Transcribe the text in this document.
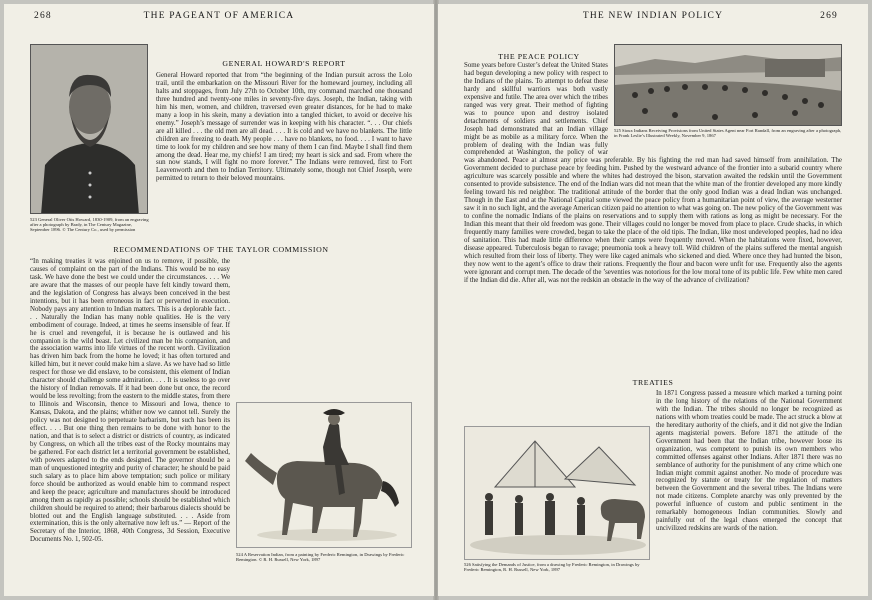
268	THE PAGEANT OF AMERICA
523 General Oliver Otis Howard, 1830-1909, from an engraving after a photograph by Brady, in The Century Magazine, September 1896. © The Century Co., used by permission
GENERAL HOWARD'S REPORT

General Howard reported that from “the beginning of the Indian pursuit across the Lolo trail, until the embarkation on the Missouri River for the homeward journey, including all halts and stoppages, from July 27th to October 10th, my command marched one thousand three hundred and twenty-one miles in seventy-five days. Joseph, the Indian, taking with him his men, women, and children, traversed even greater distances, for he had to make many a loop in his skein, many a deviation into a tangled thicket, to avoid or deceive his enemy.” Joseph’s message of surrender was in keeping with his character. “. . . Our chiefs are all killed . . . the old men are all dead. . . . It is cold and we have no blankets. The little children are freezing to death. My people . . . have no blankets, no food. . . . I want to have time to look for my children and see how many of them I can find. Maybe I shall find them among the dead. Hear me, my chiefs! I am tired; my heart is sick and sad. From where the sun now stands, I will fight no more forever.” The Indians were removed, first to Fort Leavenworth and then to Indian Territory. Ultimately some, though not Chief Joseph, were permitted to return to their beloved mountains.

RECOMMENDATIONS OF THE TAYLOR COMMISSION

“In making treaties it was enjoined on us to remove, if possible, the causes of complaint on the part of the Indians. This would be no easy task. We have done the best we could under the circumstances. . . . We are aware that the masses of our people have felt kindly toward them, and the legislation of Congress has always been conceived in the best intentions, but it has been erroneous in fact or perverted in execution. Nobody pays any attention to Indian matters. This is a deplorable fact. . . . Naturally the Indian has many noble qualities. He is the very embodiment of courage. Indeed, at times he seems insensible of fear. If he is cruel and revengeful, it is because he is outlawed and his companion is the wild beast. Let civilized man be his companion, and the association warms into life virtues of the recent worth. Civilization has driven him back from the home he loved; it has often tortured and killed him, but it never could make him a slave. As we have had so little respect for those we did enslave, to be consistent, this element of Indian character should challenge some admiration. . . . It is useless to go over the history of Indian removals. If it had been done but once, the record would be less revolting; from the eastern to the middle states, from there to Illinois and Wisconsin, thence to Missouri and Iowa, thence to Kansas, Dakota, and the plains; whither now we cannot tell. Surely the policy was not designed to perpetuate barbarism, but such has been its effect. . . . But one thing then remains to be done with honor to the nation, and that is to select a district or districts of country, as indicated by Congress, on which all the tribes east of the Rocky mountains may be gathered. For each district let a territorial government be established, with powers adapted to the ends designed. The governor should be a man of unquestioned integrity and purity of character; he should be paid such salary as to place him above temptation; such police or military force should be authorized as would enable him to command respect and keep the peace; agriculture and manufactures should be introduced among them as rapidly as possible; schools should be established which children should be required to attend; their barbarous dialects should be blotted out and the English language substituted. . . . Aside from extermination, this is the only alternative now left us.” — Report of the Secretary of the Interior, 1868, 40th Congress, 3d Session, Executive Documents No. 1, 502-05.

524 A Reservation Indian, from a painting by Frederic Remington, in Drawings by Frederic Remington. © R. H. Russell, New York, 1897
THE NEW INDIAN POLICY	269
THE PEACE POLICY

Some years before Custer’s defeat the United States had begun developing a new policy with respect to the Indians of the plains. To attempt to defeat these hardy and skillful warriors was both vastly expensive and futile. The area over which the tribes ranged was very great. Their method of fighting was to pounce upon and destroy isolated detachments of soldiers and settlements. Chief Joseph had demonstrated that an Indian village might be as mobile as a military force. When the problem of dealing with the Indian was fully comprehended at Washington, the policy of war was abandoned. Peace at almost any price was preferable. By his fighting the red man had saved himself from annihilation. The Government decided to purchase peace by feeding him. Pushed by the westward advance of the frontier into a subarid country where agriculture was scarcely possible and where the whites had destroyed the bison, starvation awaited the redskin until the Government consented to provide subsistence. The end of the Indian wars did not mean that the white man of the frontier developed any more kindly feeling toward his red neighbor. The traditional attitude of the border that the only good Indian was a dead Indian was unchanged. Though in the East and at the National Capital some viewed the peace policy from a humanitarian point of view, the average westerner saw it in no such light, and the average American citizen paid no attention to what was going on. The new policy of the Government was to confine the nomadic Indians of the plains on reservations and to supply them with rations as long as might be necessary. For the Indian this meant that their old freedom was gone. Their villages could no longer be moved from place to place. Crude shacks, in which frequently many families were crowded, began to take the place of the old tipis. The Indian, like most undeveloped peoples, had no idea of sanitation. This had made little difference when their camps were frequently moved. When the habitations were fixed, however, disease appeared. Tuberculosis began to ravage; pneumonia took a heavy toll. Wild children of the plains suffered the mental anguish which resulted from their loss of liberty. They were like caged animals who sickened and died. Where once they had hunted the bison, they now went to the agent’s office to draw their rations. Frequently the flour and bacon were unfit for use. Frequently also the agents were ignorant and corrupt men. The decade of the ’seventies was notorious for the low moral tone of its public life. Few white men cared if the Indian did die. After all, was not the redskin an obstacle in the way of the advance of civilization?

525 Sioux Indians Receiving Provisions from United States Agent near Fort Randall, from an engraving after a photograph, in Frank Leslie’s Illustrated Weekly, November 9, 1867
TREATIES

In 1871 Congress passed a measure which marked a turning point in the long history of the relations of the National Government with the Indian. The tribes should no longer be recognized as nations with whom treaties could be made. The act struck a blow at the hereditary authority of the chiefs, and it did not give the Indian agents magisterial powers. Before 1871 the attitude of the Government had been that the Indian tribe, however loose its organization, was competent to punish its own members who committed offenses against other Indians. After 1871 there was no semblance of authority for the punishment of any crime which one Indian might commit against another. No mode of procedure was recognized by statute or treaty for the regulation of matters between the Government and the several tribes. The Indians were not made citizens. Complete anarchy was only prevented by the powerful influence of custom and public sentiment in the remarkably homogeneous Indian communities. Slowly and painfully out of the legal chaos emerged the concept that uncivilized redskins are wards of the nation.

526 Satisfying the Demands of Justice, from a drawing by Frederic Remington, in Drawings by Frederic Remington, R. H. Russell, New York, 1897
